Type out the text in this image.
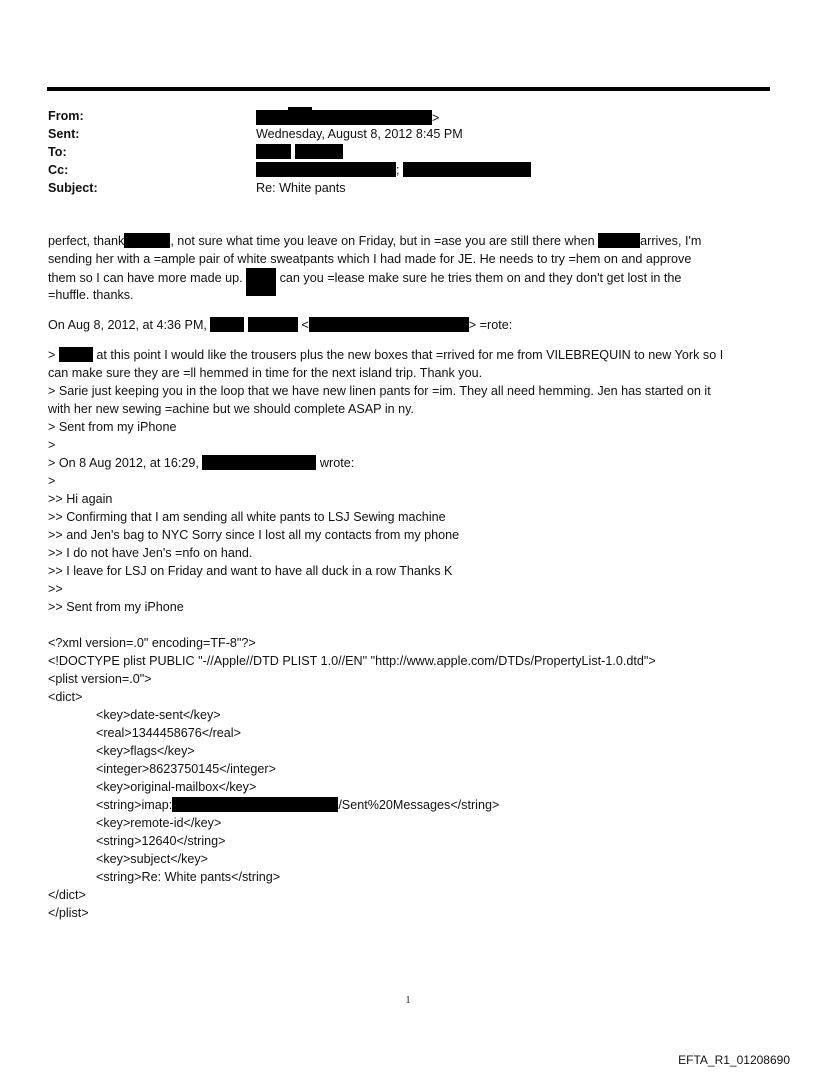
From:	>
Sent:	Wednesday, August 8, 2012 8:45 PM
To:

Cc:	;
Subject:	Re: White pants
perfect, thank	, not sure what time you leave on Friday, but in =ase you are still there when	arrives, I'm
sending her with a =ample pair of white sweatpants which I had made for JE. He needs to try =hem on and approve
them so I can have more made up.	can you =lease make sure he tries them on and they don't get lost in the
=huffle. thanks.
On Aug 8, 2012, at 4:36 PM,	<	> =rote:
>	at this point I would like the trousers plus the new boxes that =rrived for me from VILEBREQUIN to new York so I
can make sure they are =ll hemmed in time for the next island trip. Thank you.
> Sarie just keeping you in the loop that we have new linen pants for =im. They all need hemming. Jen has started on it
with her new sewing =achine but we should complete ASAP in ny.
> Sent from my iPhone
>
> On 8 Aug 2012, at 16:29,	wrote:
>
>> Hi again
>> Confirming that I am sending all white pants to LSJ Sewing machine
>> and Jen's bag to NYC Sorry since I lost all my contacts from my phone
>> I do not have Jen's =nfo on hand.
>> I leave for LSJ on Friday and want to have all duck in a row Thanks K
>>
>> Sent from my iPhone
<?xml version=.0" encoding=TF-8"?>
<!DOCTYPE plist PUBLIC "-//Apple//DTD PLIST 1.0//EN" "http://www.apple.com/DTDs/PropertyList-1.0.dtd">
<plist version=.0">
<dict>
<key>date-sent</key>
<real>1344458676</real>
<key>flags</key>
<integer>8623750145</integer>
<key>original-mailbox</key>
<string>imap:	/Sent%20Messages</string>
<key>remote-id</key>
<string>12640</string>
<key>subject</key>
<string>Re: White pants</string>
</dict>
</plist>
1
EFTA_R1_01208690
